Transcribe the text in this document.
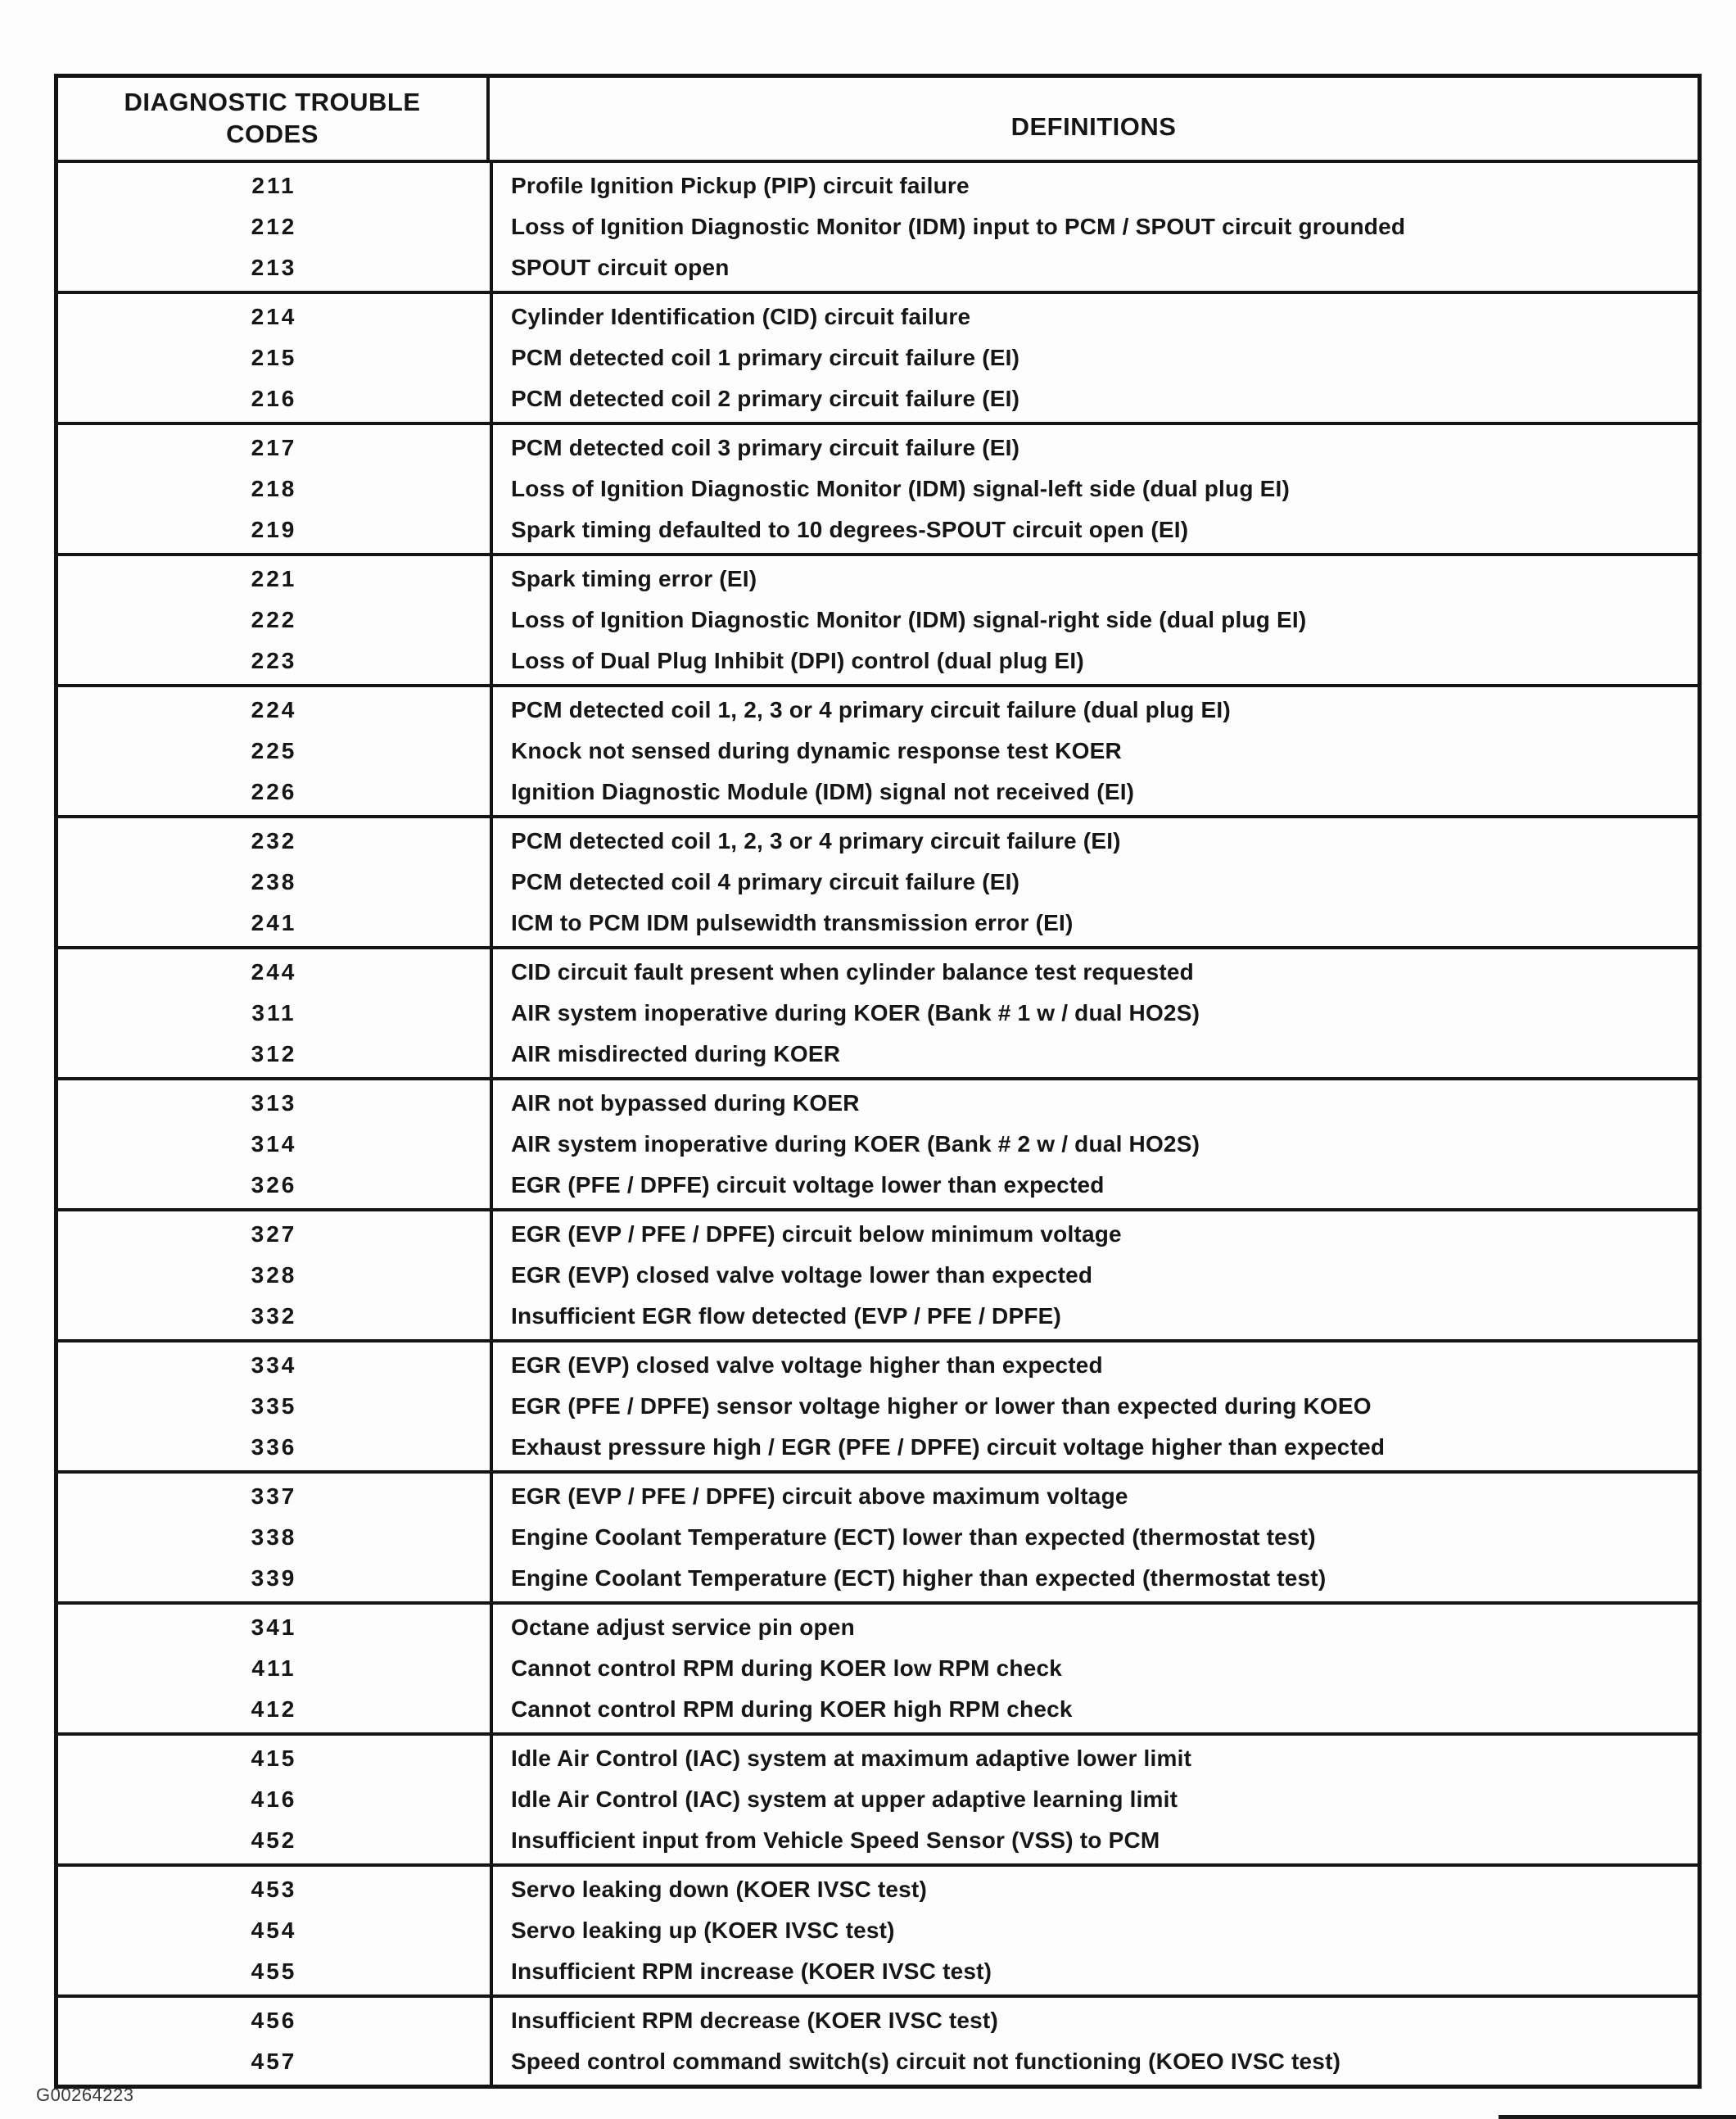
DIAGNOSTIC TROUBLE CODES	DEFINITIONS
211	Profile Ignition Pickup (PIP) circuit failure
212	Loss of Ignition Diagnostic Monitor (IDM) input to PCM / SPOUT circuit grounded
213	SPOUT circuit open
214	Cylinder Identification (CID) circuit failure
215	PCM detected coil 1 primary circuit failure (EI)
216	PCM detected coil 2 primary circuit failure (EI)
217	PCM detected coil 3 primary circuit failure (EI)
218	Loss of Ignition Diagnostic Monitor (IDM) signal-left side (dual plug EI)
219	Spark timing defaulted to 10 degrees-SPOUT circuit open (EI)
221	Spark timing error (EI)
222	Loss of Ignition Diagnostic Monitor (IDM) signal-right side (dual plug EI)
223	Loss of Dual Plug Inhibit (DPI) control (dual plug EI)
224	PCM detected coil 1, 2, 3 or 4 primary circuit failure (dual plug EI)
225	Knock not sensed during dynamic response test KOER
226	Ignition Diagnostic Module (IDM) signal not received (EI)
232	PCM detected coil 1, 2, 3 or 4 primary circuit failure (EI)
238	PCM detected coil 4 primary circuit failure (EI)
241	ICM to PCM IDM pulsewidth transmission error (EI)
244	CID circuit fault present when cylinder balance test requested
311	AIR system inoperative during KOER (Bank # 1 w / dual HO2S)
312	AIR misdirected during KOER
313	AIR not bypassed during KOER
314	AIR system inoperative during KOER (Bank # 2 w / dual HO2S)
326	EGR (PFE / DPFE) circuit voltage lower than expected
327	EGR (EVP / PFE / DPFE) circuit below minimum voltage
328	EGR (EVP) closed valve voltage lower than expected
332	Insufficient EGR flow detected (EVP / PFE / DPFE)
334	EGR (EVP) closed valve voltage higher than expected
335	EGR (PFE / DPFE) sensor voltage higher or lower than expected during KOEO
336	Exhaust pressure high / EGR (PFE / DPFE) circuit voltage higher than expected
337	EGR (EVP / PFE / DPFE) circuit above maximum voltage
338	Engine Coolant Temperature (ECT) lower than expected (thermostat test)
339	Engine Coolant Temperature (ECT) higher than expected (thermostat test)
341	Octane adjust service pin open
411	Cannot control RPM during KOER low RPM check
412	Cannot control RPM during KOER high RPM check
415	Idle Air Control (IAC) system at maximum adaptive lower limit
416	Idle Air Control (IAC) system at upper adaptive learning limit
452	Insufficient input from Vehicle Speed Sensor (VSS) to PCM
453	Servo leaking down (KOER IVSC test)
454	Servo leaking up (KOER IVSC test)
455	Insufficient RPM increase (KOER IVSC test)
456	Insufficient RPM decrease (KOER IVSC test)
457	Speed control command switch(s) circuit not functioning (KOEO IVSC test)
G00264223
